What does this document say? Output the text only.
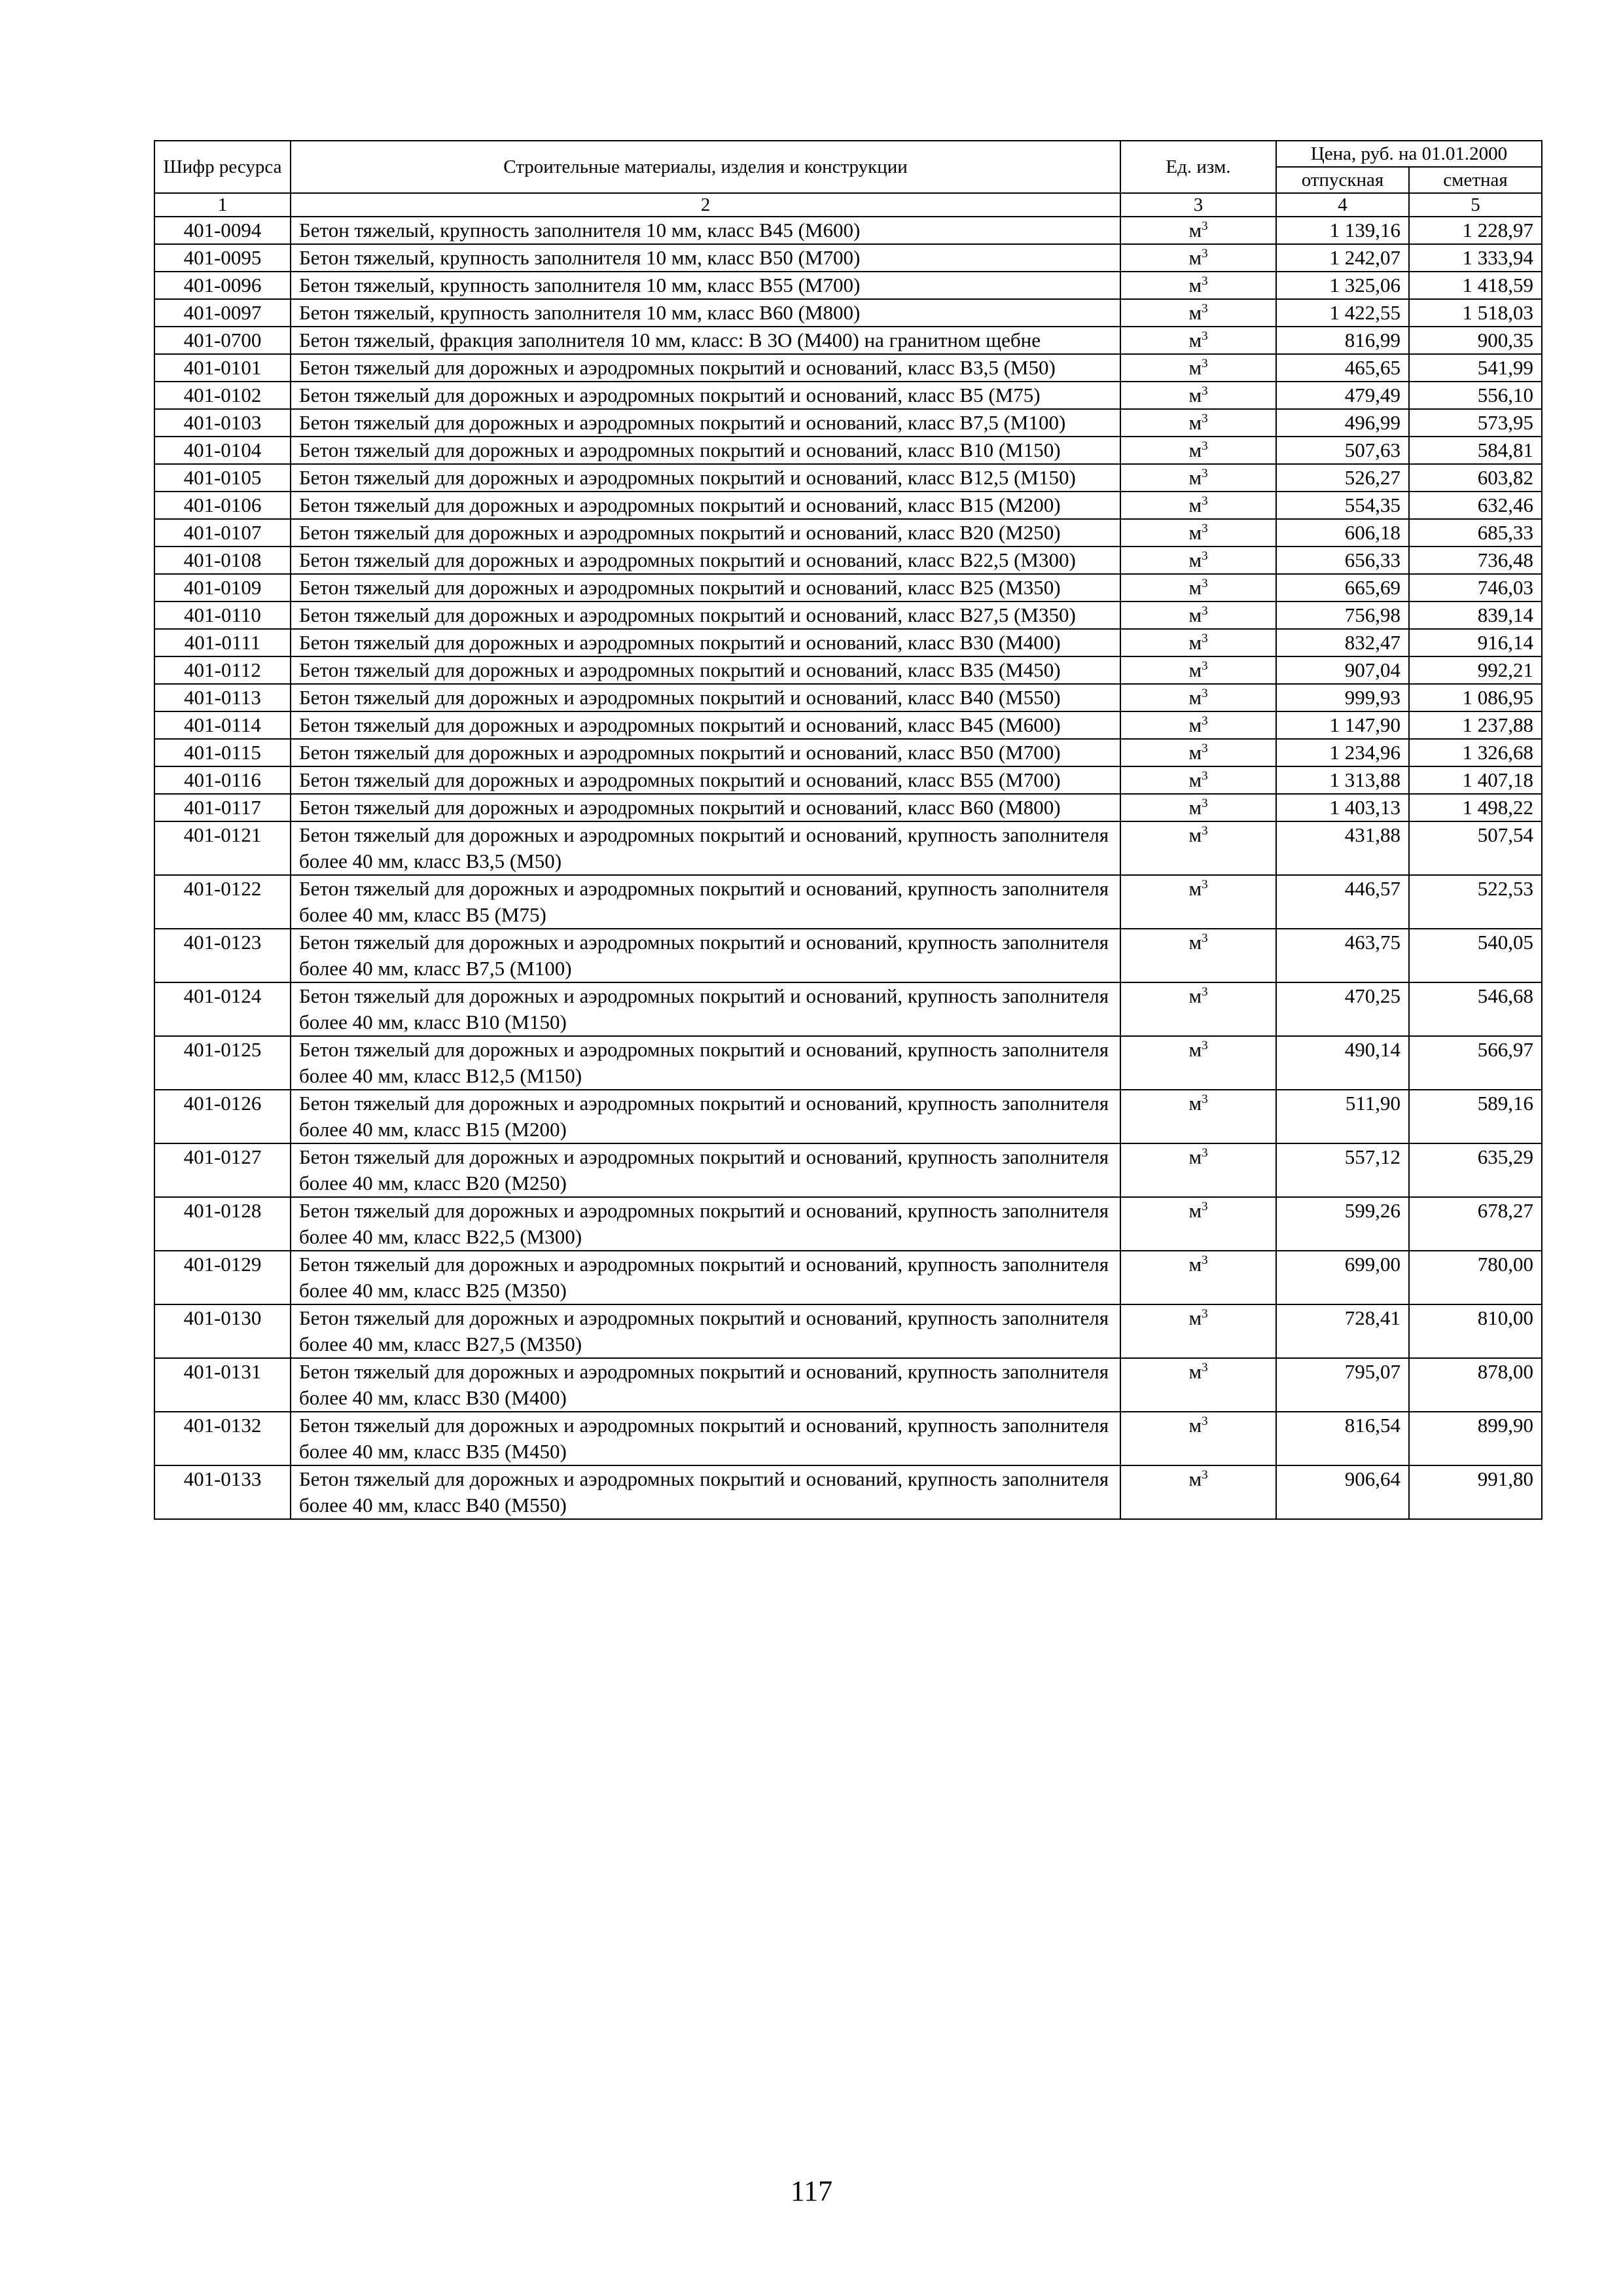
Шифр ресурса	Строительные материалы, изделия и конструкции	Ед. изм.	Цена, руб. на 01.01.2000	
			отпускная	сметная
1	2	3	4	5
401-0094	Бетон тяжелый, крупность заполнителя 10 мм, класс В45 (М600)	$м^3$	1 139,16	1 228,97
401-0095	Бетон тяжелый, крупность заполнителя 10 мм, класс В50 (М700)	$м^3$	1 242,07	1 333,94
401-0096	Бетон тяжелый, крупность заполнителя 10 мм, класс В55 (М700)	$м^3$	1 325,06	1 418,59
401-0097	Бетон тяжелый, крупность заполнителя 10 мм, класс В60 (М800)	$м^3$	1 422,55	1 518,03
401-0700	Бетон тяжелый, фракция заполнителя 10 мм, класс: В 3О (М400) на гранитном щебне	$м^3$	816,99	900,35
401-0101	Бетон тяжелый для дорожных и аэродромных покрытий и оснований, класс В3,5 (М50)	$м^3$	465,65	541,99
401-0102	Бетон тяжелый для дорожных и аэродромных покрытий и оснований, класс В5 (М75)	$м^3$	479,49	556,10
401-0103	Бетон тяжелый для дорожных и аэродромных покрытий и оснований, класс В7,5 (М100)	$м^3$	496,99	573,95
401-0104	Бетон тяжелый для дорожных и аэродромных покрытий и оснований, класс В10 (М150)	$м^3$	507,63	584,81
401-0105	Бетон тяжелый для дорожных и аэродромных покрытий и оснований, класс В12,5 (М150)	$м^3$	526,27	603,82
401-0106	Бетон тяжелый для дорожных и аэродромных покрытий и оснований, класс В15 (М200)	$м^3$	554,35	632,46
401-0107	Бетон тяжелый для дорожных и аэродромных покрытий и оснований, класс В20 (М250)	$м^3$	606,18	685,33
401-0108	Бетон тяжелый для дорожных и аэродромных покрытий и оснований, класс В22,5 (М300)	$м^3$	656,33	736,48
401-0109	Бетон тяжелый для дорожных и аэродромных покрытий и оснований, класс В25 (М350)	$м^3$	665,69	746,03
401-0110	Бетон тяжелый для дорожных и аэродромных покрытий и оснований, класс В27,5 (М350)	$м^3$	756,98	839,14
401-0111	Бетон тяжелый для дорожных и аэродромных покрытий и оснований, класс В30 (М400)	$м^3$	832,47	916,14
401-0112	Бетон тяжелый для дорожных и аэродромных покрытий и оснований, класс В35 (М450)	$м^3$	907,04	992,21
401-0113	Бетон тяжелый для дорожных и аэродромных покрытий и оснований, класс В40 (М550)	$м^3$	999,93	1 086,95
401-0114	Бетон тяжелый для дорожных и аэродромных покрытий и оснований, класс В45 (М600)	$м^3$	1 147,90	1 237,88
401-0115	Бетон тяжелый для дорожных и аэродромных покрытий и оснований, класс В50 (М700)	$м^3$	1 234,96	1 326,68
401-0116	Бетон тяжелый для дорожных и аэродромных покрытий и оснований, класс В55 (М700)	$м^3$	1 313,88	1 407,18
401-0117	Бетон тяжелый для дорожных и аэродромных покрытий и оснований, класс В60 (М800)	$м^3$	1 403,13	1 498,22
401-0121	Бетон тяжелый для дорожных и аэродромных покрытий и оснований, крупность заполнителя более 40 мм, класс В3,5 (М50)	$м^3$	431,88	507,54
401-0122	Бетон тяжелый для дорожных и аэродромных покрытий и оснований, крупность заполнителя более 40 мм, класс В5 (М75)	$м^3$	446,57	522,53
401-0123	Бетон тяжелый для дорожных и аэродромных покрытий и оснований, крупность заполнителя более 40 мм, класс В7,5 (М100)	$м^3$	463,75	540,05
401-0124	Бетон тяжелый для дорожных и аэродромных покрытий и оснований, крупность заполнителя более 40 мм, класс В10 (М150)	$м^3$	470,25	546,68
401-0125	Бетон тяжелый для дорожных и аэродромных покрытий и оснований, крупность заполнителя более 40 мм, класс В12,5 (М150)	$м^3$	490,14	566,97
401-0126	Бетон тяжелый для дорожных и аэродромных покрытий и оснований, крупность заполнителя более 40 мм, класс В15 (М200)	$м^3$	511,90	589,16
401-0127	Бетон тяжелый для дорожных и аэродромных покрытий и оснований, крупность заполнителя более 40 мм, класс В20 (М250)	$м^3$	557,12	635,29
401-0128	Бетон тяжелый для дорожных и аэродромных покрытий и оснований, крупность заполнителя более 40 мм, класс В22,5 (М300)	$м^3$	599,26	678,27
401-0129	Бетон тяжелый для дорожных и аэродромных покрытий и оснований, крупность заполнителя более 40 мм, класс В25 (М350)	$м^3$	699,00	780,00
401-0130	Бетон тяжелый для дорожных и аэродромных покрытий и оснований, крупность заполнителя более 40 мм, класс В27,5 (М350)	$м^3$	728,41	810,00
401-0131	Бетон тяжелый для дорожных и аэродромных покрытий и оснований, крупность заполнителя более 40 мм, класс В30 (М400)	$м^3$	795,07	878,00
401-0132	Бетон тяжелый для дорожных и аэродромных покрытий и оснований, крупность заполнителя более 40 мм, класс В35 (М450)	$м^3$	816,54	899,90
401-0133	Бетон тяжелый для дорожных и аэродромных покрытий и оснований, крупность заполнителя более 40 мм, класс В40 (М550)	$м^3$	906,64	991,80
117
